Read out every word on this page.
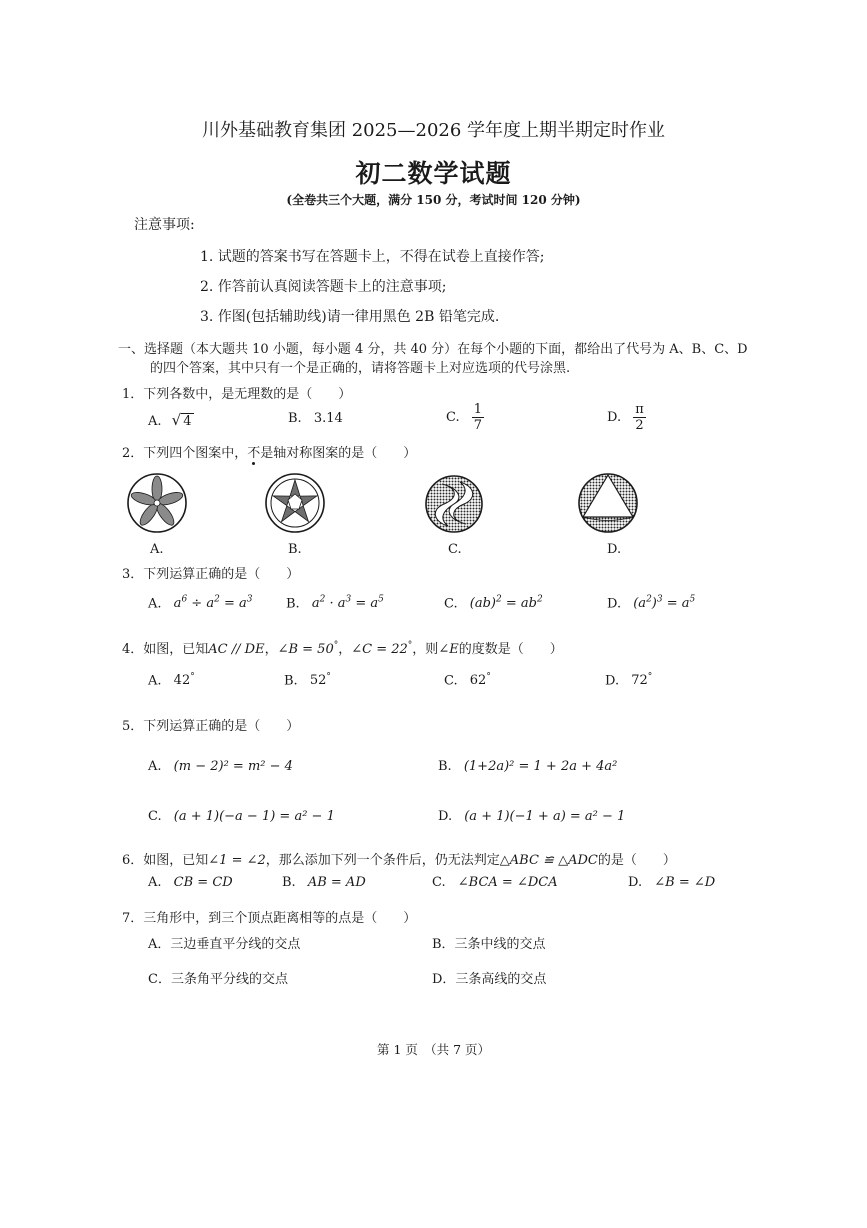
川外基础教育集团 2025—2026 学年度上期半期定时作业
初二数学试题
(全卷共三个大题，满分 150 分，考试时间 120 分钟)
注意事项:
1. 试题的答案书写在答题卡上，不得在试卷上直接作答;
2. 作答前认真阅读答题卡上的注意事项;
3. 作图(包括辅助线)请一律用黑色 2B 铅笔完成.
一、选择题（本大题共 10 小题，每小题 4 分，共 40 分）在每个小题的下面，都给出了代号为 A、B、C、D
的四个答案，其中只有一个是正确的，请将答题卡上对应选项的代号涂黑.
1．下列各数中，是无理数的是（　　）
A. √ 4	B. 3.14	C. $\frac{1}{7}$	D. $\frac{\pi}{2}$
2．下列四个图案中，不是轴对称图案的是（　　）
A.	B.	C.	D.
3．下列运算正确的是（　　）
A. $a^6 \div a^2 = a^3$	B. $a^2 \cdot a^3 = a^5$	C. $(ab)^2 = ab^2$	D. $(a^2)^3 = a^5$
4．如图，已知AC // DE，∠B = 50°，∠C = 22°，则∠E的度数是（　　）
A. 42°	B. 52°	C. 62°	D. 72°
5．下列运算正确的是（　　）
A. (m − 2)² = m² − 4	B. (1+2a)² = 1 + 2a + 4a²
C. (a + 1)(−a − 1) = a² − 1	D. (a + 1)(−1 + a) = a² − 1
6．如图，已知∠1 = ∠2，那么添加下列一个条件后，仍无法判定△ABC ≌ △ADC的是（　　）
A. CB = CD	B. AB = AD	C. ∠BCA = ∠DCA	D. ∠B = ∠D
7．三角形中，到三个顶点距离相等的点是（　　）
A．三边垂直平分线的交点	B．三条中线的交点
C．三条角平分线的交点	D．三条高线的交点
第 1 页　（共 7 页）
